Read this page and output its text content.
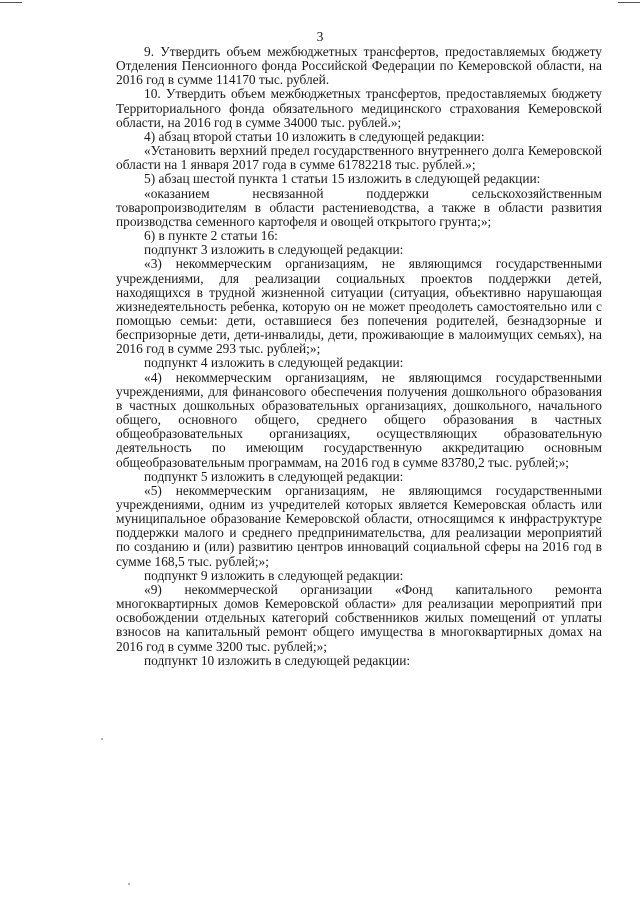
3

9. Утвердить объем межбюджетных трансфертов, предоставляемых бюджету Отделения Пенсионного фонда Российской Федерации по Кемеровской области, на 2016 год в сумме 114170 тыс. рублей.

10. Утвердить объем межбюджетных трансфертов, предоставляемых бюджету Территориального фонда обязательного медицинского страхования Кемеровской области, на 2016 год в сумме 34000 тыс. рублей.»;

4) абзац второй статьи 10 изложить в следующей редакции:

«Установить верхний предел государственного внутреннего долга Кемеровской области на 1 января 2017 года в сумме 61782218 тыс. рублей.»;

5) абзац шестой пункта 1 статьи 15 изложить в следующей редакции:

«оказанием несвязанной поддержки сельскохозяйственным товаропроизводителям в области растениеводства, а также в области развития производства семенного картофеля и овощей открытого грунта;»;

6) в пункте 2 статьи 16:

подпункт 3 изложить в следующей редакции:

«3) некоммерческим организациям, не являющимся государственными учреждениями, для реализации социальных проектов поддержки детей, находящихся в трудной жизненной ситуации (ситуация, объективно нарушающая жизнедеятельность ребенка, которую он не может преодолеть самостоятельно или с помощью семьи: дети, оставшиеся без попечения родителей, безнадзорные и беспризорные дети, дети-инвалиды, дети, проживающие в малоимущих семьях), на 2016 год в сумме 293 тыс. рублей;»;

подпункт 4 изложить в следующей редакции:

«4) некоммерческим организациям, не являющимся государственными учреждениями, для финансового обеспечения получения дошкольного образования в частных дошкольных образовательных организациях, дошкольного, начального общего, основного общего, среднего общего образования в частных общеобразовательных организациях, осуществляющих образовательную деятельность по имеющим государственную аккредитацию основным общеобразовательным программам, на 2016 год в сумме 83780,2 тыс. рублей;»;

подпункт 5 изложить в следующей редакции:

«5) некоммерческим организациям, не являющимся государственными учреждениями, одним из учредителей которых является Кемеровская область или муниципальное образование Кемеровской области, относящимся к инфраструктуре поддержки малого и среднего предпринимательства, для реализации мероприятий по созданию и (или) развитию центров инноваций социальной сферы на 2016 год в сумме 168,5 тыс. рублей;»;

подпункт 9 изложить в следующей редакции:

«9) некоммерческой организации «Фонд капитального ремонта многоквартирных домов Кемеровской области» для реализации мероприятий при освобождении отдельных категорий собственников жилых помещений от уплаты взносов на капитальный ремонт общего имущества в многоквартирных домах на 2016 год в сумме 3200 тыс. рублей;»;

подпункт 10 изложить в следующей редакции:
